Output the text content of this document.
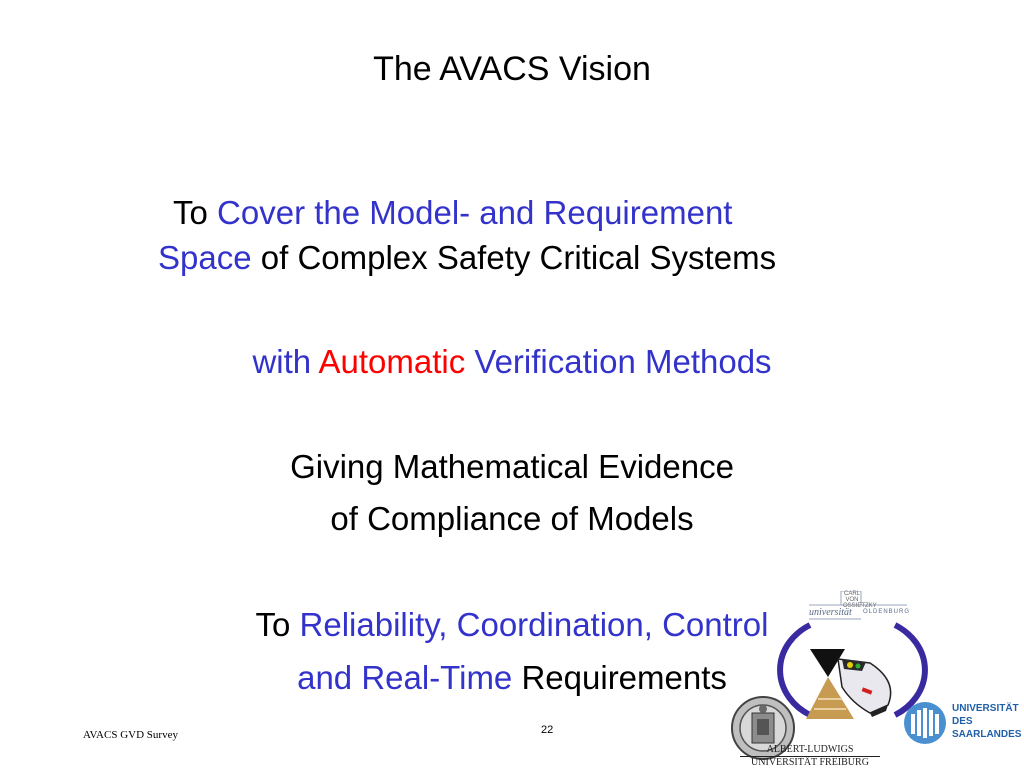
The AVACS Vision
To Cover the Model- and Requirement
Space of Complex Safety Critical Systems
with Automatic Verification Methods
Giving Mathematical Evidence
of Compliance of Models
To Reliability, Coordination, Control
and Real-Time Requirements
AVACS GVD Survey	22
CARL VON OSSIETZKY
universität OLDENBURG
ALBERT-LUDWIGS
UNIVERSITÄT FREIBURG
UNIVERSITÄT
DES
SAARLANDES
